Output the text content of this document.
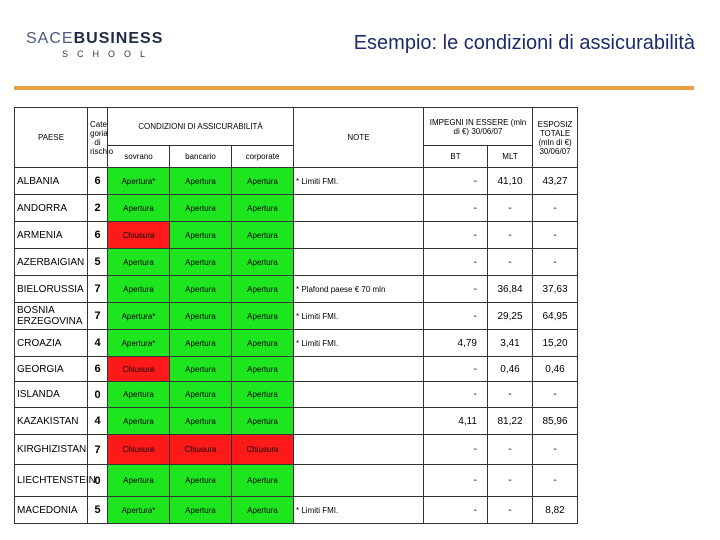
SACEBUSINESS
SCHOOL	Esempio: le condizioni di assicurabilità
PAESE	Cate goria di rischio	CONDIZIONI DI ASSICURABILITÀ			NOTE	IMPEGNI IN ESSERE (mln di €) 30/06/07		ESPOSIZ TOTALE (mln di €)
30/06/07

		sovrano	bancario	corporate		BT	MLT	
ALBANIA	6	Apertura*	Apertura	Apertura	* Limiti FMI.	-	41,10	43,27
ANDORRA	2	Apertura	Apertura	Apertura		-	-	-
ARMENIA	6	Chiusura	Apertura	Apertura		-	-	-
AZERBAIGIAN	5	Apertura	Apertura	Apertura		-	-	-
BIELORUSSIA	7	Apertura	Apertura	Apertura	* Plafond paese € 70 mln	-	36,84	37,63
BOSNIA ERZEGOVINA	7	Apertura*	Apertura	Apertura	* Limiti FMI.	-	29,25	64,95
CROAZIA	4	Apertura*	Apertura	Apertura	* Limiti FMI.	4,79	3,41	15,20
GEORGIA	6	Chiusura	Apertura	Apertura		-	0,46	0,46
ISLANDA	0	Apertura	Apertura	Apertura		-	-	-
KAZAKISTAN	4	Apertura	Apertura	Apertura		4,11	81,22	85,96
KIRGHIZISTAN	7	Chiusura	Chiusura	Chiusura		-	-	-
LIECHTENSTEIN	0	Apertura	Apertura	Apertura		-	-	-
MACEDONIA	5	Apertura*	Apertura	Apertura	* Limiti FMI.	-	-	8,82
